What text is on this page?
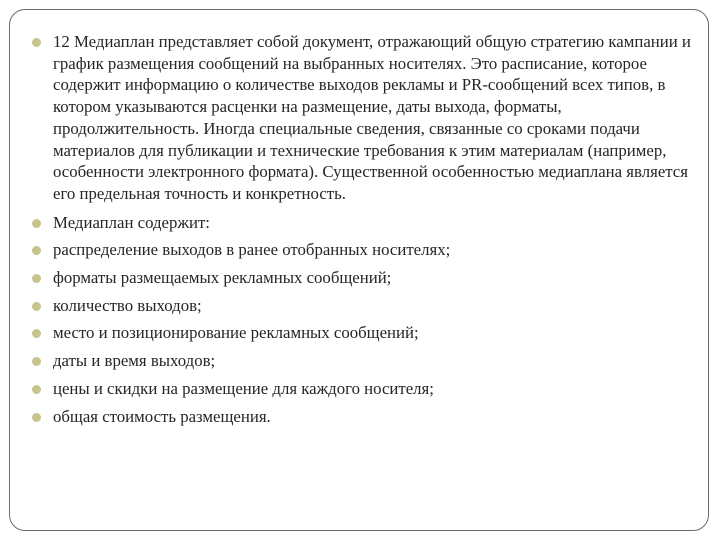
12 Медиаплан представляет собой документ, отражающий общую стратегию кампании и график размещения сообщений на выбранных носителях. Это расписание, которое содержит информацию о количестве выходов рекламы и PR-сообщений всех типов, в котором указываются расценки на размещение, даты выхода, форматы, продолжительность. Иногда специальные сведения, связанные со сроками подачи материалов для публикации и технические требования к этим материалам (например, особенности электронного формата). Существенной особенностью медиаплана является его предельная точность и конкретность.
Медиаплан содержит:
распределение выходов в ранее отобранных носителях;
форматы размещаемых рекламных сообщений;
количество выходов;
место и позиционирование рекламных сообщений;
даты и время выходов;
цены и скидки на размещение для каждого носителя;
общая стоимость размещения.
